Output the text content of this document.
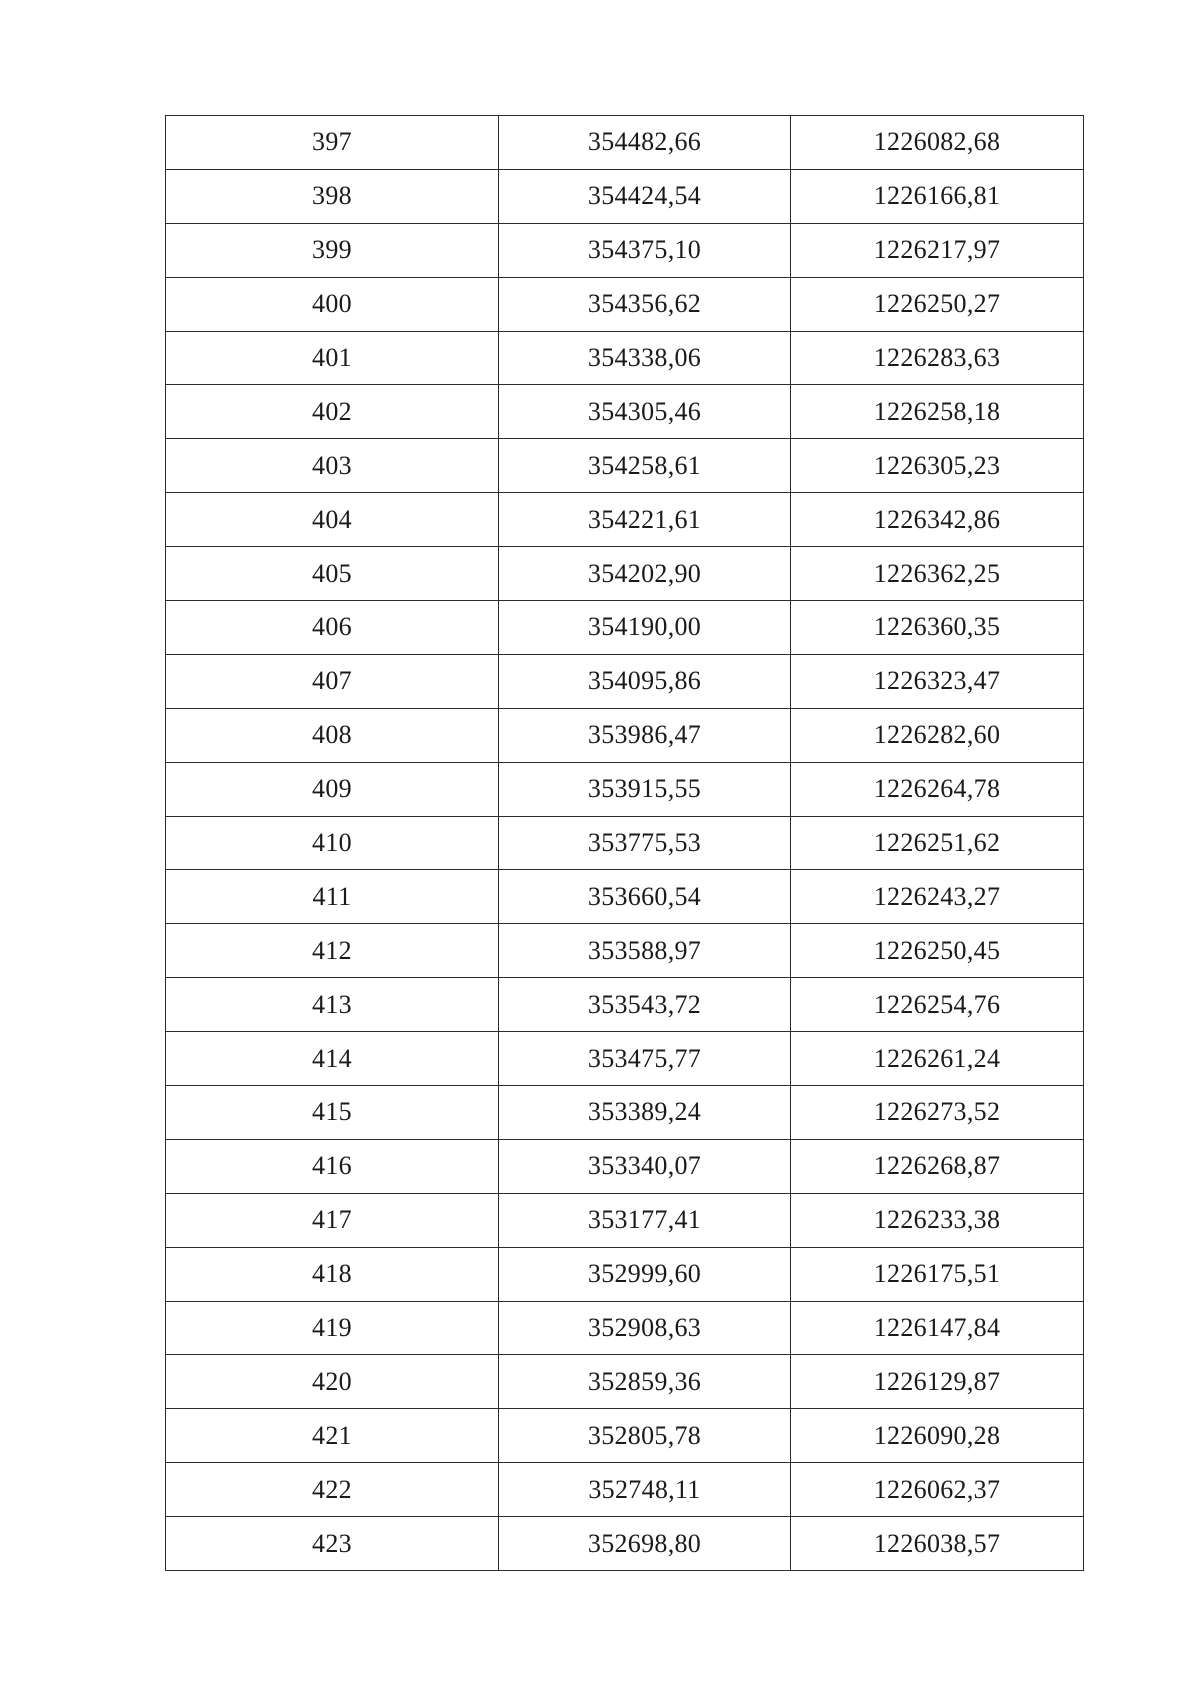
397	354482,66	1226082,68
398	354424,54	1226166,81
399	354375,10	1226217,97
400	354356,62	1226250,27
401	354338,06	1226283,63
402	354305,46	1226258,18
403	354258,61	1226305,23
404	354221,61	1226342,86
405	354202,90	1226362,25
406	354190,00	1226360,35
407	354095,86	1226323,47
408	353986,47	1226282,60
409	353915,55	1226264,78
410	353775,53	1226251,62
411	353660,54	1226243,27
412	353588,97	1226250,45
413	353543,72	1226254,76
414	353475,77	1226261,24
415	353389,24	1226273,52
416	353340,07	1226268,87
417	353177,41	1226233,38
418	352999,60	1226175,51
419	352908,63	1226147,84
420	352859,36	1226129,87
421	352805,78	1226090,28
422	352748,11	1226062,37
423	352698,80	1226038,57
